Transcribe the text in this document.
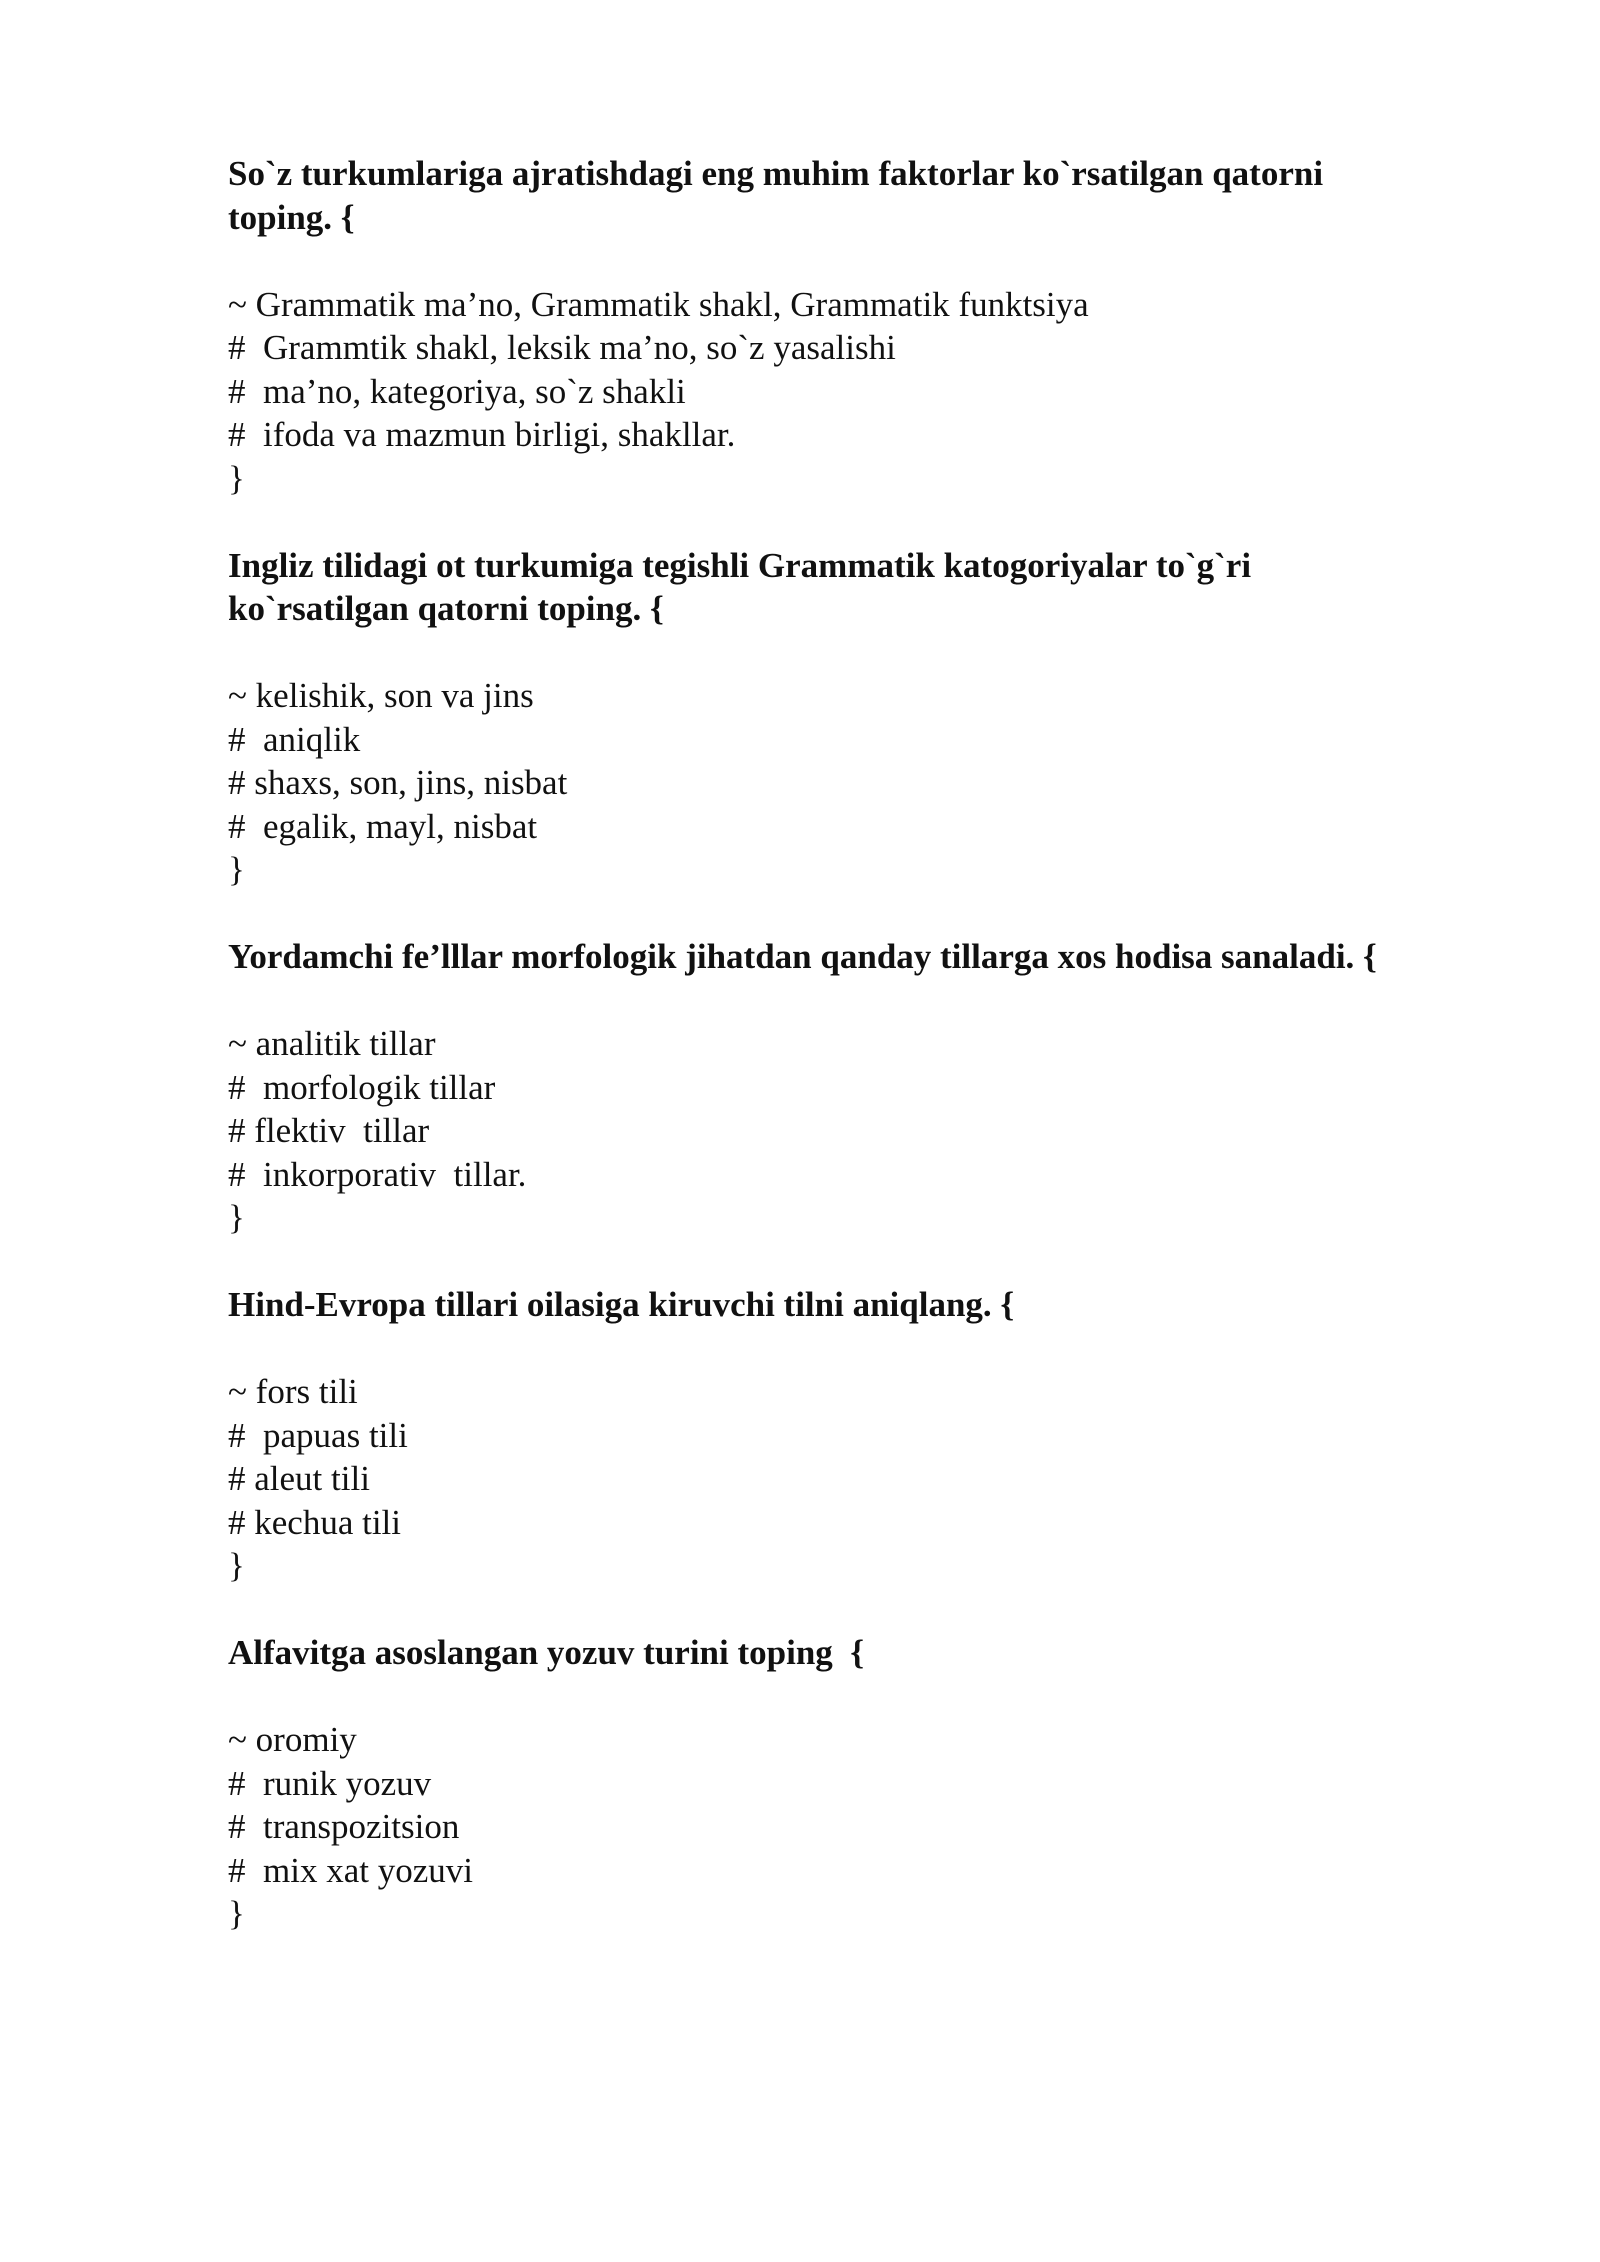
So`z turkumlariga ajratishdagi eng muhim faktorlar ko`rsatilgan qatorni

toping. {

~ Grammatik ma’no, Grammatik shakl, Grammatik funktsiya

#  Grammtik shakl, leksik ma’no, so`z yasalishi

#  ma’no, kategoriya, so`z shakli

#  ifoda va mazmun birligi, shakllar.

}

Ingliz tilidagi ot turkumiga tegishli Grammatik katogoriyalar to`g`ri

ko`rsatilgan qatorni toping. {

~ kelishik, son va jins

#  aniqlik

# shaxs, son, jins, nisbat

#  egalik, mayl, nisbat

}

Yordamchi fe’lllar morfologik jihatdan qanday tillarga xos hodisa sanaladi. {

~ analitik tillar

#  morfologik tillar

# flektiv  tillar

#  inkorporativ  tillar.

}

Hind-Evropa tillari oilasiga kiruvchi tilni aniqlang. {

~ fors tili

#  papuas tili

# aleut tili

# kechua tili

}

Alfavitga asoslangan yozuv turini toping  {

~ oromiy

#  runik yozuv

#  transpozitsion

#  mix xat yozuvi

}
